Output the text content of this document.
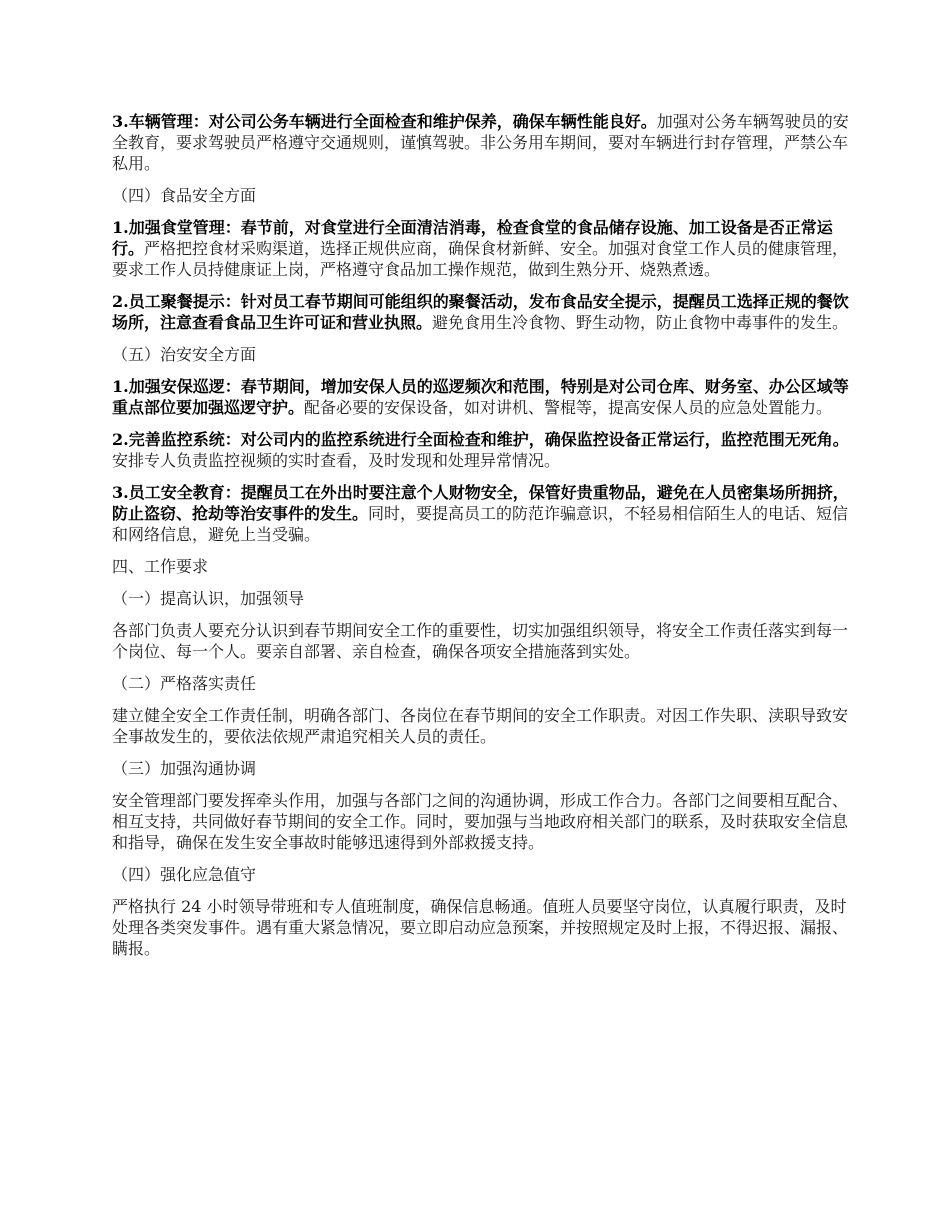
3.车辆管理：对公司公务车辆进行全面检查和维护保养，确保车辆性能良好。加强对公务车辆驾驶员的安全教育，要求驾驶员严格遵守交通规则，谨慎驾驶。非公务用车期间，要对车辆进行封存管理，严禁公车私用。

（四）食品安全方面

1.加强食堂管理：春节前，对食堂进行全面清洁消毒，检查食堂的食品储存设施、加工设备是否正常运行。严格把控食材采购渠道，选择正规供应商，确保食材新鲜、安全。加强对食堂工作人员的健康管理，要求工作人员持健康证上岗，严格遵守食品加工操作规范，做到生熟分开、烧熟煮透。

2.员工聚餐提示：针对员工春节期间可能组织的聚餐活动，发布食品安全提示，提醒员工选择正规的餐饮场所，注意查看食品卫生许可证和营业执照。避免食用生冷食物、野生动物，防止食物中毒事件的发生。

（五）治安安全方面

1.加强安保巡逻：春节期间，增加安保人员的巡逻频次和范围，特别是对公司仓库、财务室、办公区域等重点部位要加强巡逻守护。配备必要的安保设备，如对讲机、警棍等，提高安保人员的应急处置能力。

2.完善监控系统：对公司内的监控系统进行全面检查和维护，确保监控设备正常运行，监控范围无死角。安排专人负责监控视频的实时查看，及时发现和处理异常情况。

3.员工安全教育：提醒员工在外出时要注意个人财物安全，保管好贵重物品，避免在人员密集场所拥挤，防止盗窃、抢劫等治安事件的发生。同时，要提高员工的防范诈骗意识，不轻易相信陌生人的电话、短信和网络信息，避免上当受骗。

四、工作要求

（一）提高认识，加强领导

各部门负责人要充分认识到春节期间安全工作的重要性，切实加强组织领导，将安全工作责任落实到每一个岗位、每一个人。要亲自部署、亲自检查，确保各项安全措施落到实处。

（二）严格落实责任

建立健全安全工作责任制，明确各部门、各岗位在春节期间的安全工作职责。对因工作失职、渎职导致安全事故发生的，要依法依规严肃追究相关人员的责任。

（三）加强沟通协调

安全管理部门要发挥牵头作用，加强与各部门之间的沟通协调，形成工作合力。各部门之间要相互配合、相互支持，共同做好春节期间的安全工作。同时，要加强与当地政府相关部门的联系，及时获取安全信息和指导，确保在发生安全事故时能够迅速得到外部救援支持。

（四）强化应急值守

严格执行 24 小时领导带班和专人值班制度，确保信息畅通。值班人员要坚守岗位，认真履行职责，及时处理各类突发事件。遇有重大紧急情况，要立即启动应急预案，并按照规定及时上报，不得迟报、漏报、瞒报。
